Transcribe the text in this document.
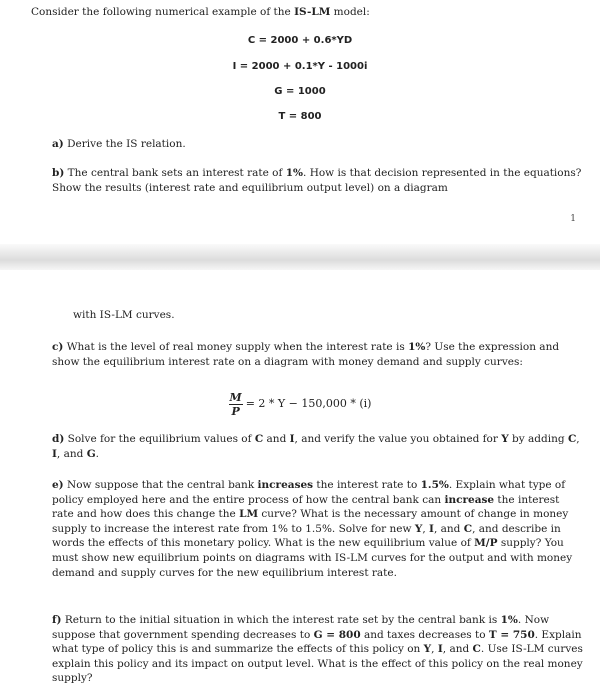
Consider the following numerical example of the IS-LM model:
C = 2000 + 0.6*YD
I = 2000 + 0.1*Y - 1000i
G = 1000
T = 800
a) Derive the IS relation.
b) The central bank sets an interest rate of 1%. How is that decision represented in the equations? Show the results (interest rate and equilibrium output level) on a diagram
1
with IS-LM curves.
c) What is the level of real money supply when the interest rate is 1%? Use the expression and show the equilibrium interest rate on a diagram with money demand and supply curves:
$\frac{M}{P} = 2 * Y - 150,000 * (i)$
d) Solve for the equilibrium values of C and I, and verify the value you obtained for Y by adding C, I, and G.
e) Now suppose that the central bank increases the interest rate to 1.5%. Explain what type of policy employed here and the entire process of how the central bank can increase the interest rate and how does this change the LM curve? What is the necessary amount of change in money supply to increase the interest rate from 1% to 1.5%. Solve for new Y, I, and C, and describe in words the effects of this monetary policy. What is the new equilibrium value of M/P supply? You must show new equilibrium points on diagrams with IS-LM curves for the output and with money demand and supply curves for the new equilibrium interest rate.
f) Return to the initial situation in which the interest rate set by the central bank is 1%. Now suppose that government spending decreases to G = 800 and taxes decreases to T = 750. Explain what type of policy this is and summarize the effects of this policy on Y, I, and C. Use IS-LM curves explain this policy and its impact on output level. What is the effect of this policy on the real money supply?
